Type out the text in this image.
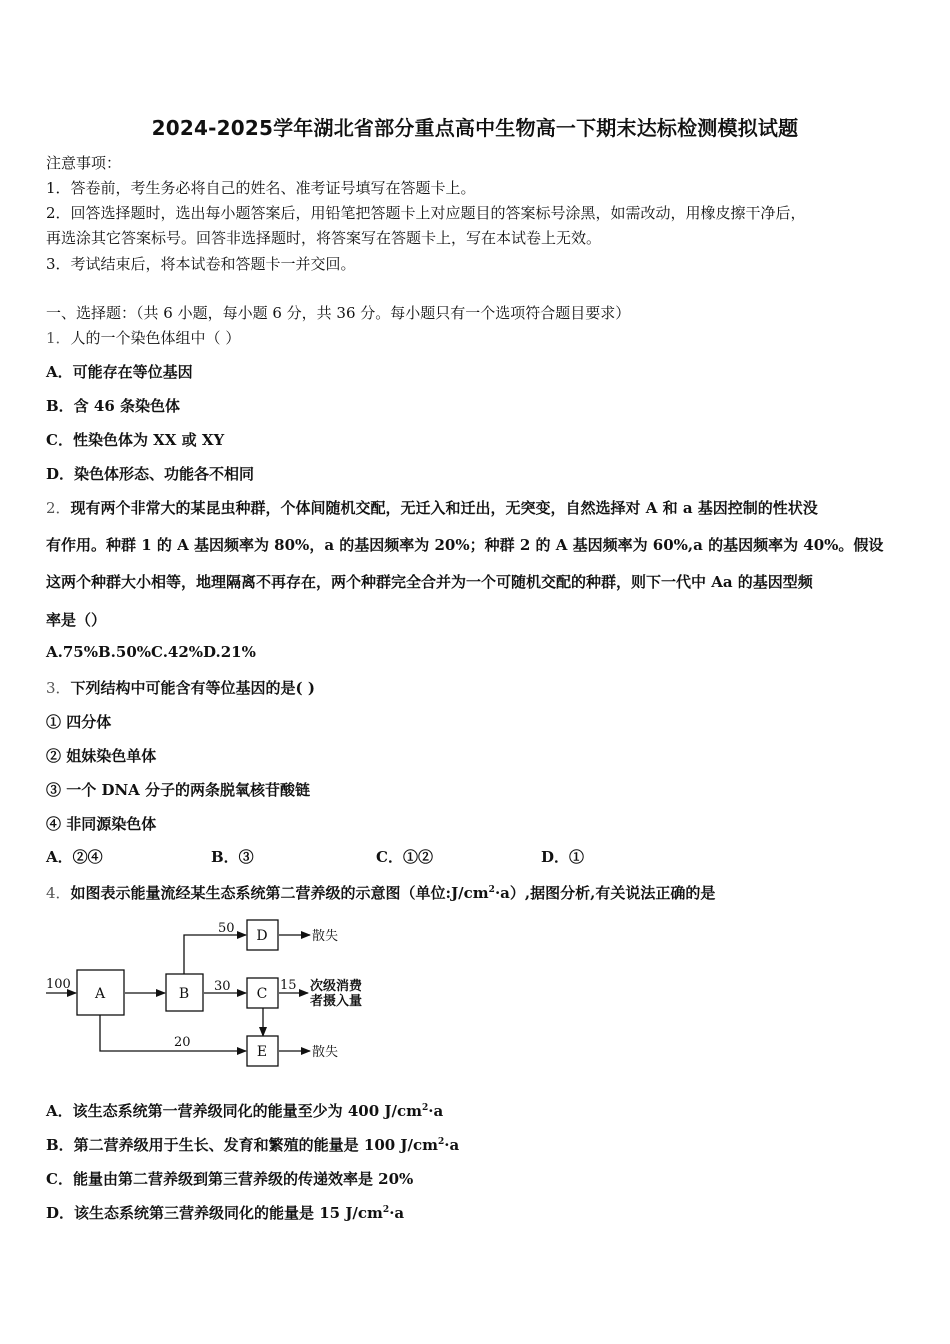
2024-2025学年湖北省部分重点高中生物高一下期末达标检测模拟试题
注意事项：
1．答卷前，考生务必将自己的姓名、准考证号填写在答题卡上。
2．回答选择题时，选出每小题答案后，用铅笔把答题卡上对应题目的答案标号涂黑，如需改动，用橡皮擦干净后，
再选涂其它答案标号。回答非选择题时，将答案写在答题卡上，写在本试卷上无效。
3．考试结束后，将本试卷和答题卡一并交回。
一、选择题：（共 6 小题，每小题 6 分，共 36 分。每小题只有一个选项符合题目要求）
1．人的一个染色体组中（ ）
A．可能存在等位基因
B．含 46 条染色体
C．性染色体为 XX 或 XY
D．染色体形态、功能各不相同
2．现有两个非常大的某昆虫种群，个体间随机交配，无迁入和迁出，无突变，自然选择对 A 和 a 基因控制的性状没
有作用。种群 1 的 A 基因频率为 80%，a 的基因频率为 20%；种群 2 的 A 基因频率为 60%,a 的基因频率为 40%。假设
这两个种群大小相等，地理隔离不再存在，两个种群完全合并为一个可随机交配的种群，则下一代中 Aa 的基因型频
率是（）
A.75%B.50%C.42%D.21%
3．下列结构中可能含有等位基因的是( )
① 四分体
② 姐妹染色单体
③ 一个 DNA 分子的两条脱氧核苷酸链
④ 非同源染色体
A．②④	B．③	C．①②	D．①
4．如图表示能量流经某生态系统第二营养级的示意图（单位$:J/cm^2\cdot a$）,据图分析,有关说法正确的是
A	B	C
D
E
100
50
30	15
20
散失
次级消费
者摄入量
散失
A．该生态系统第一营养级同化的能量至少为 400 $J/cm^2\cdot a$
B．第二营养级用于生长、发育和繁殖的能量是 100 $J/cm^2\cdot a$
C．能量由第二营养级到第三营养级的传递效率是 20%
D．该生态系统第三营养级同化的能量是 15 $J/cm^2\cdot a$
